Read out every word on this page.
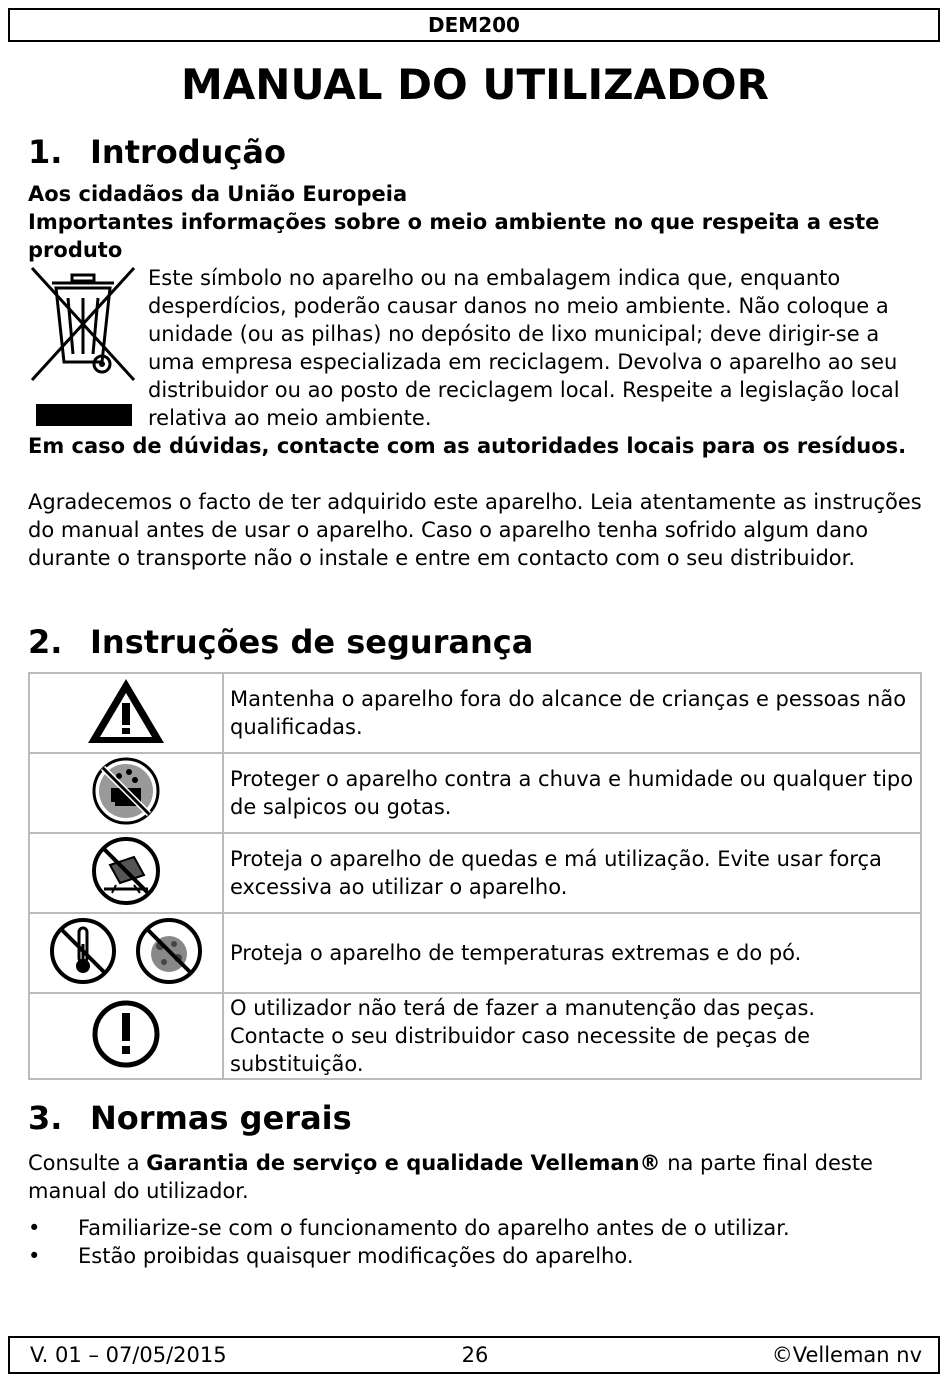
DEM200
MANUAL DO UTILIZADOR
1. Introdução
Aos cidadãos da União Europeia
Importantes informações sobre o meio ambiente no que respeita a este produto
Este símbolo no aparelho ou na embalagem indica que, enquanto desperdícios, poderão causar danos no meio ambiente. Não coloque a unidade (ou as pilhas) no depósito de lixo municipal; deve dirigir-se a uma empresa especializada em reciclagem. Devolva o aparelho ao seu distribuidor ou ao posto de reciclagem local. Respeite a legislação local relativa ao meio ambiente.
Em caso de dúvidas, contacte com as autoridades locais para os resíduos.
Agradecemos o facto de ter adquirido este aparelho. Leia atentamente as instruções do manual antes de usar o aparelho. Caso o aparelho tenha sofrido algum dano durante o transporte não o instale e entre em contacto com o seu distribuidor.
2. Instruções de segurança
	Mantenha o aparelho fora do alcance de crianças e pessoas não qualificadas.
	Proteger o aparelho contra a chuva e humidade ou qualquer tipo de salpicos ou gotas.
	Proteja o aparelho de quedas e má utilização. Evite usar força excessiva ao utilizar o aparelho.
	Proteja o aparelho de temperaturas extremas e do pó.
	O utilizador não terá de fazer a manutenção das peças. Contacte o seu distribuidor caso necessite de peças de substituição.
3. Normas gerais
Consulte a Garantia de serviço e qualidade Velleman® na parte final deste manual do utilizador.
• Familiarize-se com o funcionamento do aparelho antes de o utilizar.
• Estão proibidas quaisquer modificações do aparelho.
V. 01 – 07/05/2015	26	©Velleman nv
